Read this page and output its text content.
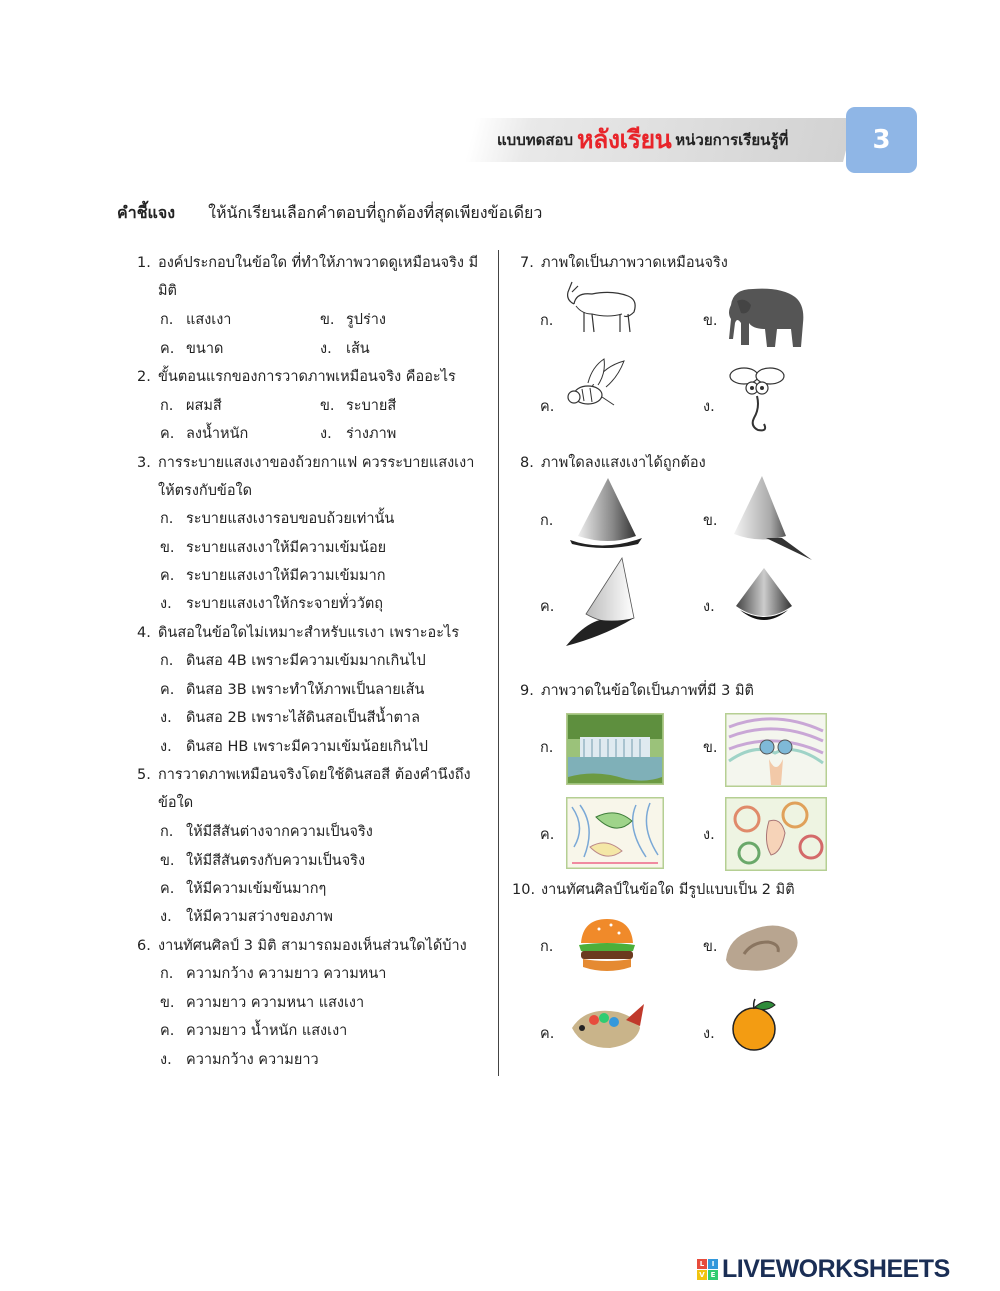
แบบทดสอบ หลังเรียน หน่วยการเรียนรู้ที่	3
คำชี้แจง ให้นักเรียนเลือกคำตอบที่ถูกต้องที่สุดเพียงข้อเดียว
1. องค์ประกอบในข้อใด ที่ทำให้ภาพวาดดูเหมือนจริง มี
มิติ
ก. แสงเงา	ข. รูปร่าง
ค. ขนาด	ง. เส้น
2. ขั้นตอนแรกของการวาดภาพเหมือนจริง คืออะไร
ก. ผสมสี	ข. ระบายสี
ค. ลงน้ำหนัก	ง. ร่างภาพ
3. การระบายแสงเงาของถ้วยกาแฟ ควรระบายแสงเงา
ให้ตรงกับข้อใด
ก. ระบายแสงเงารอบขอบถ้วยเท่านั้น
ข. ระบายแสงเงาให้มีความเข้มน้อย
ค. ระบายแสงเงาให้มีความเข้มมาก
ง. ระบายแสงเงาให้กระจายทั่ววัตถุ
4. ดินสอในข้อใดไม่เหมาะสำหรับแรเงา เพราะอะไร
ก. ดินสอ 4B เพราะมีความเข้มมากเกินไป
ค. ดินสอ 3B เพราะทำให้ภาพเป็นลายเส้น
ง. ดินสอ 2B เพราะไส้ดินสอเป็นสีน้ำตาล
ง. ดินสอ HB เพราะมีความเข้มน้อยเกินไป
5. การวาดภาพเหมือนจริงโดยใช้ดินสอสี ต้องคำนึงถึง
ข้อใด
ก. ให้มีสีสันต่างจากความเป็นจริง
ข. ให้มีสีสันตรงกับความเป็นจริง
ค. ให้มีความเข้มข้นมากๆ
ง. ให้มีความสว่างของภาพ
6. งานทัศนศิลป์ 3 มิติ สามารถมองเห็นส่วนใดได้บ้าง
ก. ความกว้าง ความยาว ความหนา
ข. ความยาว ความหนา แสงเงา
ค. ความยาว น้ำหนัก แสงเงา
ง. ความกว้าง ความยาว
7. ภาพใดเป็นภาพวาดเหมือนจริง
ก.	ข.
ค.	ง.
8. ภาพใดลงแสงเงาได้ถูกต้อง
ก.	ข.
ค.	ง.
9. ภาพวาดในข้อใดเป็นภาพที่มี 3 มิติ
ก.	ข.
ค.	ง.
10. งานทัศนศิลป์ในข้อใด มีรูปแบบเป็น 2 มิติ
ก.	ข.
ค.	ง.
L	I
V E LIVEWORKSHEETS
